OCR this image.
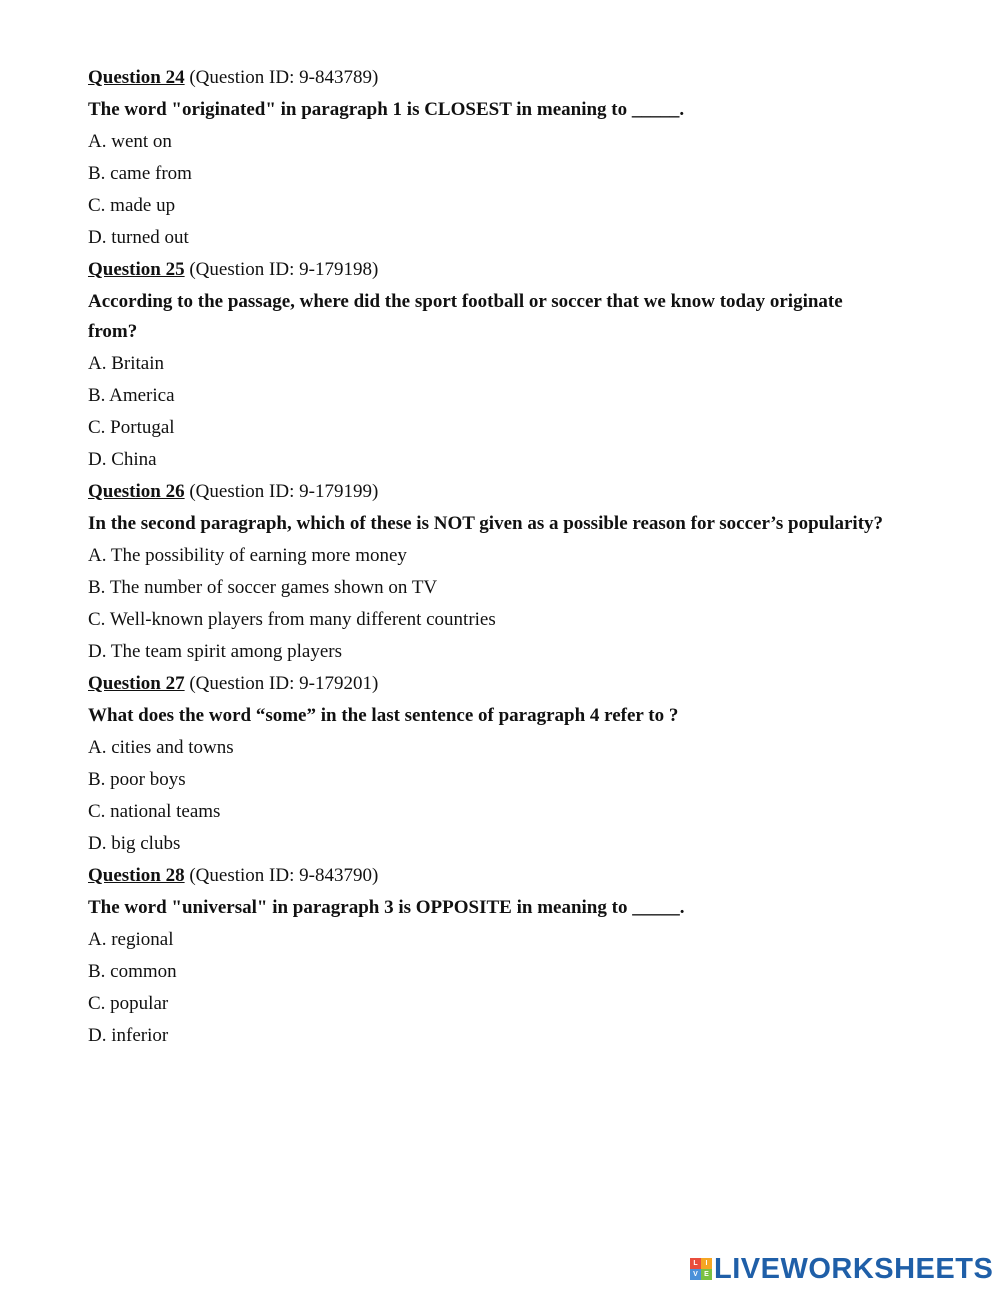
Question 24 (Question ID: 9-843789)

The word "originated" in paragraph 1 is CLOSEST in meaning to _____.

A. went on
B. came from
C. made up
D. turned out

Question 25 (Question ID: 9-179198)

According to the passage, where did the sport football or soccer that we know today originate from?

A. Britain
B. America
C. Portugal
D. China

Question 26 (Question ID: 9-179199)

In the second paragraph, which of these is NOT given as a possible reason for soccer’s popularity?

A. The possibility of earning more money
B. The number of soccer games shown on TV
C. Well-known players from many different countries
D. The team spirit among players

Question 27 (Question ID: 9-179201)

What does the word “some” in the last sentence of paragraph 4 refer to ?

A. cities and towns
B. poor boys
C. national teams
D. big clubs

Question 28 (Question ID: 9-843790)

The word "universal" in paragraph 3 is OPPOSITE in meaning to _____.

A. regional
B. common
C. popular
D. inferior
L	I
V E LIVEWORKSHEETS
